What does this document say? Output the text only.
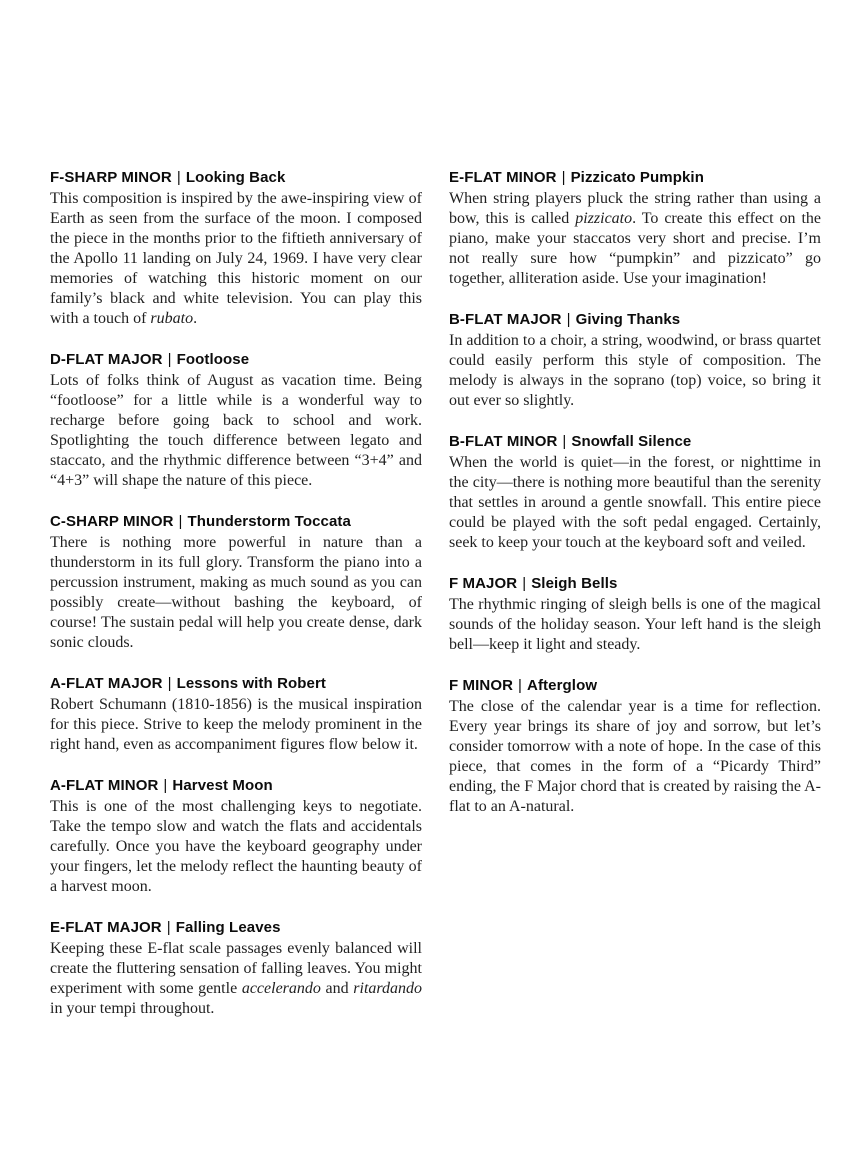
F-SHARP MINOR | Looking Back

This composition is inspired by the awe-inspiring view of Earth as seen from the surface of the moon. I composed the piece in the months prior to the fiftieth anniversary of the Apollo 11 landing on July 24, 1969. I have very clear memories of watching this historic moment on our family’s black and white television. You can play this with a touch of rubato.

D-FLAT MAJOR | Footloose

Lots of folks think of August as vacation time. Being “footloose” for a little while is a wonderful way to recharge before going back to school and work. Spotlighting the touch difference between legato and staccato, and the rhythmic difference between “3+4” and “4+3” will shape the nature of this piece.

C-SHARP MINOR | Thunderstorm Toccata

There is nothing more powerful in nature than a thunderstorm in its full glory. Transform the piano into a percussion instrument, making as much sound as you can possibly create—without bashing the keyboard, of course! The sustain pedal will help you create dense, dark sonic clouds.

A-FLAT MAJOR | Lessons with Robert

Robert Schumann (1810-1856) is the musical inspiration for this piece. Strive to keep the melody prominent in the right hand, even as accompaniment figures flow below it.

A-FLAT MINOR | Harvest Moon

This is one of the most challenging keys to negotiate. Take the tempo slow and watch the flats and accidentals carefully. Once you have the keyboard geography under your fingers, let the melody reflect the haunting beauty of a harvest moon.

E-FLAT MAJOR | Falling Leaves

Keeping these E-flat scale passages evenly balanced will create the fluttering sensation of falling leaves. You might experiment with some gentle accelerando and ritardando in your tempi throughout.

E-FLAT MINOR | Pizzicato Pumpkin

When string players pluck the string rather than using a bow, this is called pizzicato. To create this effect on the piano, make your staccatos very short and precise. I’m not really sure how “pumpkin” and pizzicato” go together, alliteration aside. Use your imagination!

B-FLAT MAJOR | Giving Thanks

In addition to a choir, a string, woodwind, or brass quartet could easily perform this style of composition. The melody is always in the soprano (top) voice, so bring it out ever so slightly.

B-FLAT MINOR | Snowfall Silence

When the world is quiet—in the forest, or nighttime in the city—there is nothing more beautiful than the serenity that settles in around a gentle snowfall. This entire piece could be played with the soft pedal engaged. Certainly, seek to keep your touch at the keyboard soft and veiled.

F MAJOR | Sleigh Bells

The rhythmic ringing of sleigh bells is one of the magical sounds of the holiday season. Your left hand is the sleigh bell—keep it light and steady.

F MINOR | Afterglow

The close of the calendar year is a time for reflection. Every year brings its share of joy and sorrow, but let’s consider tomorrow with a note of hope. In the case of this piece, that comes in the form of a “Picardy Third” ending, the F Major chord that is created by raising the A-flat to an A-natural.
